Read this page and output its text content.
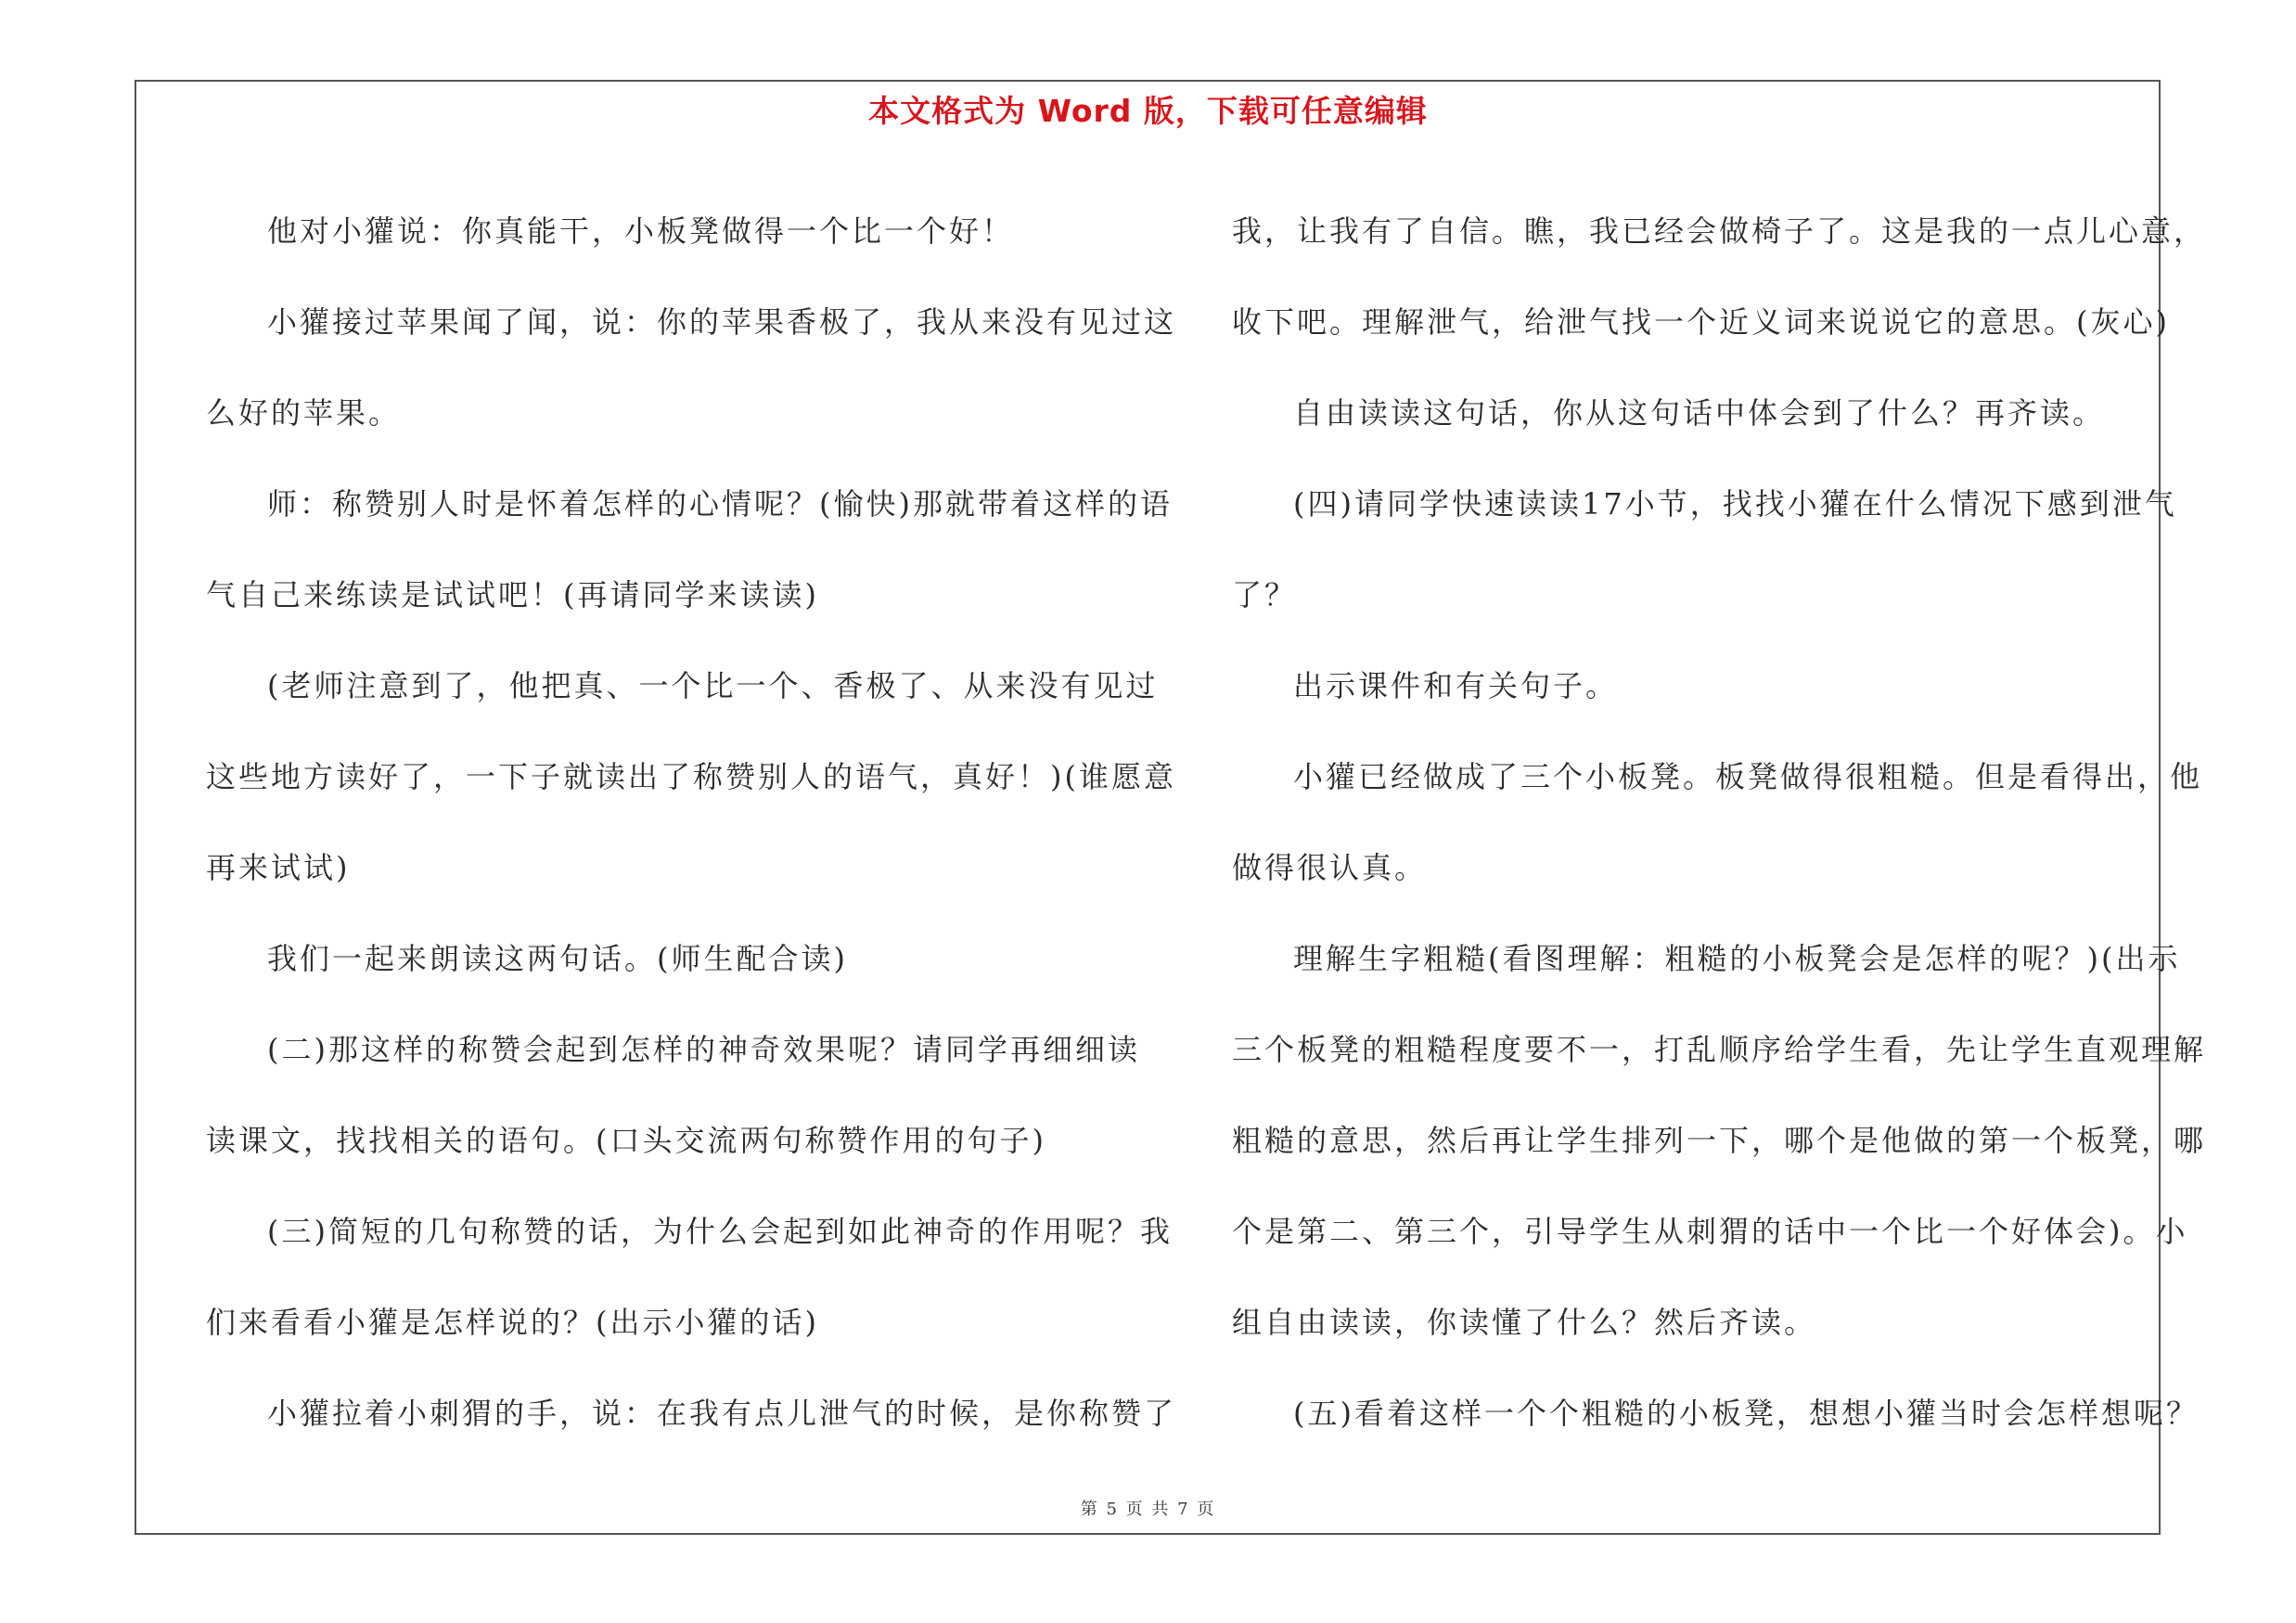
本文格式为 Word 版，下载可任意编辑

他对小獾说：你真能干，小板凳做得一个比一个好！

小獾接过苹果闻了闻，说：你的苹果香极了，我从来没有见过这

么好的苹果。

师：称赞别人时是怀着怎样的心情呢？(愉快)那就带着这样的语

气自己来练读是试试吧！(再请同学来读读)

(老师注意到了，他把真、一个比一个、香极了、从来没有见过

这些地方读好了，一下子就读出了称赞别人的语气，真好！)(谁愿意

再来试试)

我们一起来朗读这两句话。(师生配合读)

(二)那这样的称赞会起到怎样的神奇效果呢？请同学再细细读

读课文，找找相关的语句。(口头交流两句称赞作用的句子)

(三)简短的几句称赞的话，为什么会起到如此神奇的作用呢？我

们来看看小獾是怎样说的？(出示小獾的话)

小獾拉着小刺猬的手，说：在我有点儿泄气的时候，是你称赞了

我，让我有了自信。瞧，我已经会做椅子了。这是我的一点儿心意，

收下吧。理解泄气，给泄气找一个近义词来说说它的意思。(灰心)

自由读读这句话，你从这句话中体会到了什么？再齐读。

(四)请同学快速读读17小节，找找小獾在什么情况下感到泄气

了？

出示课件和有关句子。

小獾已经做成了三个小板凳。板凳做得很粗糙。但是看得出，他

做得很认真。

理解生字粗糙(看图理解：粗糙的小板凳会是怎样的呢？)(出示

三个板凳的粗糙程度要不一，打乱顺序给学生看，先让学生直观理解

粗糙的意思，然后再让学生排列一下，哪个是他做的第一个板凳，哪

个是第二、第三个，引导学生从刺猬的话中一个比一个好体会)。小

组自由读读，你读懂了什么？然后齐读。

(五)看着这样一个个粗糙的小板凳，想想小獾当时会怎样想呢？

第 5 页 共 7 页
